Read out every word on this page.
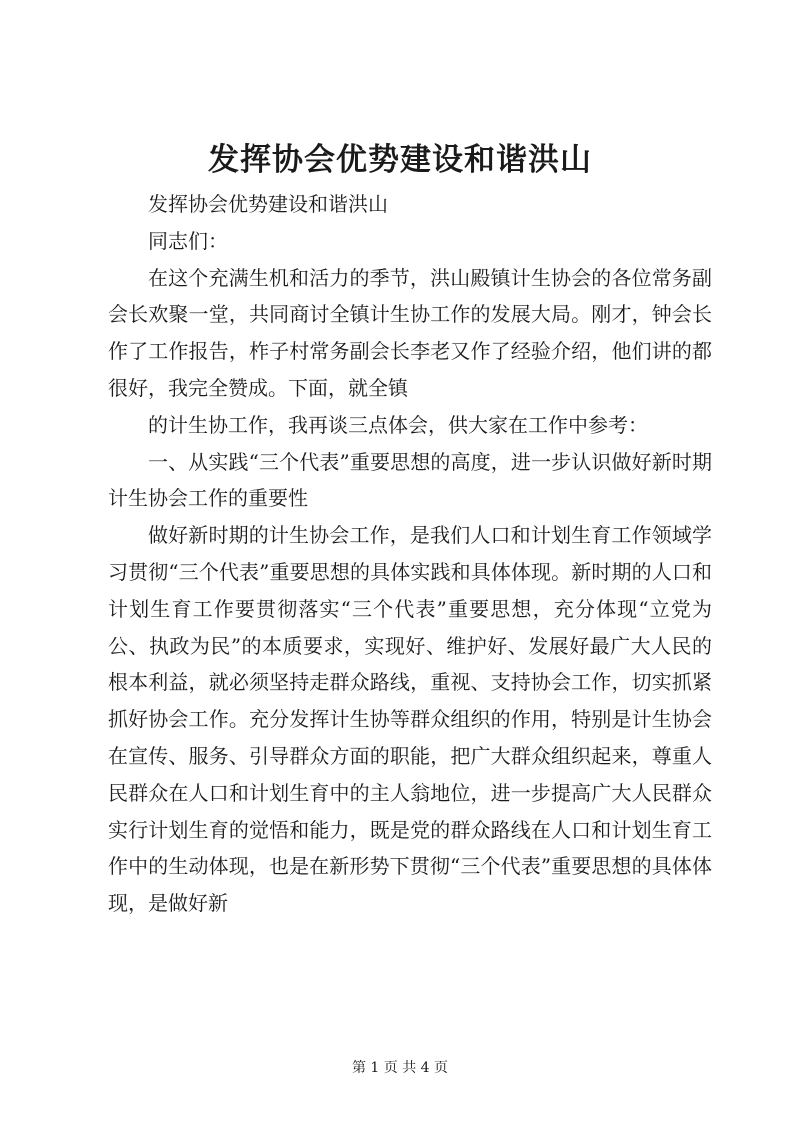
发挥协会优势建设和谐洪山

发挥协会优势建设和谐洪山

同志们：

在这个充满生机和活力的季节，洪山殿镇计生协会的各位常务副会长欢聚一堂，共同商讨全镇计生协工作的发展大局。刚才，钟会长作了工作报告，柞子村常务副会长李老又作了经验介绍，他们讲的都很好，我完全赞成。下面，就全镇

的计生协工作，我再谈三点体会，供大家在工作中参考：

一、从实践“三个代表”重要思想的高度，进一步认识做好新时期计生协会工作的重要性

做好新时期的计生协会工作，是我们人口和计划生育工作领域学习贯彻“三个代表”重要思想的具体实践和具体体现。新时期的人口和计划生育工作要贯彻落实“三个代表”重要思想，充分体现“立党为公、执政为民”的本质要求，实现好、维护好、发展好最广大人民的根本利益，就必须坚持走群众路线，重视、支持协会工作，切实抓紧抓好协会工作。充分发挥计生协等群众组织的作用，特别是计生协会在宣传、服务、引导群众方面的职能，把广大群众组织起来，尊重人民群众在人口和计划生育中的主人翁地位，进一步提高广大人民群众实行计划生育的觉悟和能力，既是党的群众路线在人口和计划生育工作中的生动体现，也是在新形势下贯彻“三个代表”重要思想的具体体现，是做好新

第 1 页 共 4 页
